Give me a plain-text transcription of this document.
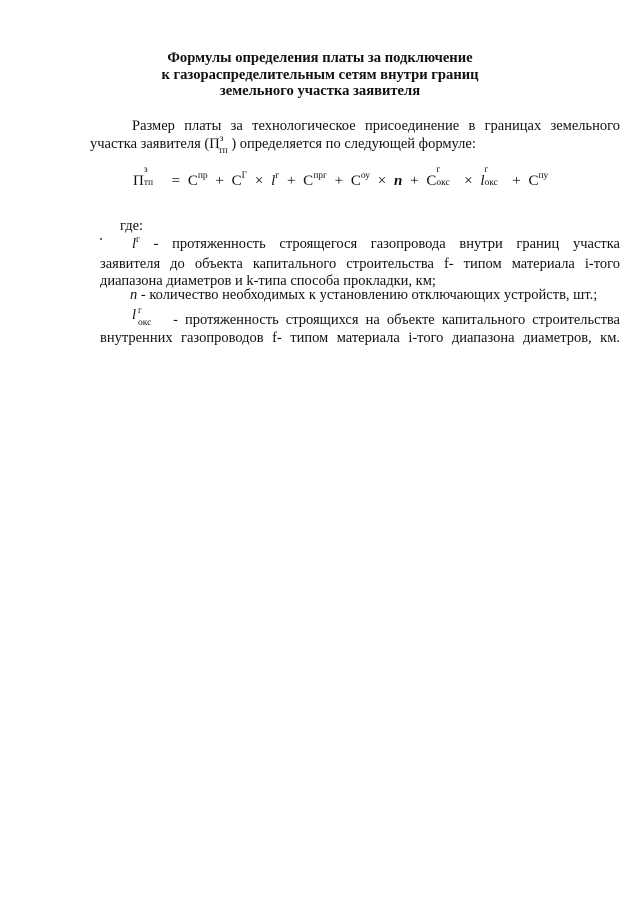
Формулы определения платы за подключение
к газораспределительным сетям внутри границ
земельного участка заявителя
Размер платы за технологическое присоединение в границах земельного
участка заявителя ($П^з_{тп}$ ) определяется по следующей формуле:
П
з
тп = $С^{пр} + С^Г \times l^г + С^{прг} + С^{оу} \times n + С$
г
окс × l
г
окс + $С^{пу}$
где:
$l^г$ - протяженность строящегося газопровода внутри границ участка
заявителя до объекта капитального строительства f- типом материала i-того
диапазона диаметров и k-типа способа прокладки, км;
n - количество необходимых к установлению отключающих устройств, шт.;
l г
окс - протяженность строящихся на объекте капитального строительства
внутренних газопроводов f- типом материала i-того диапазона диаметров, км.
